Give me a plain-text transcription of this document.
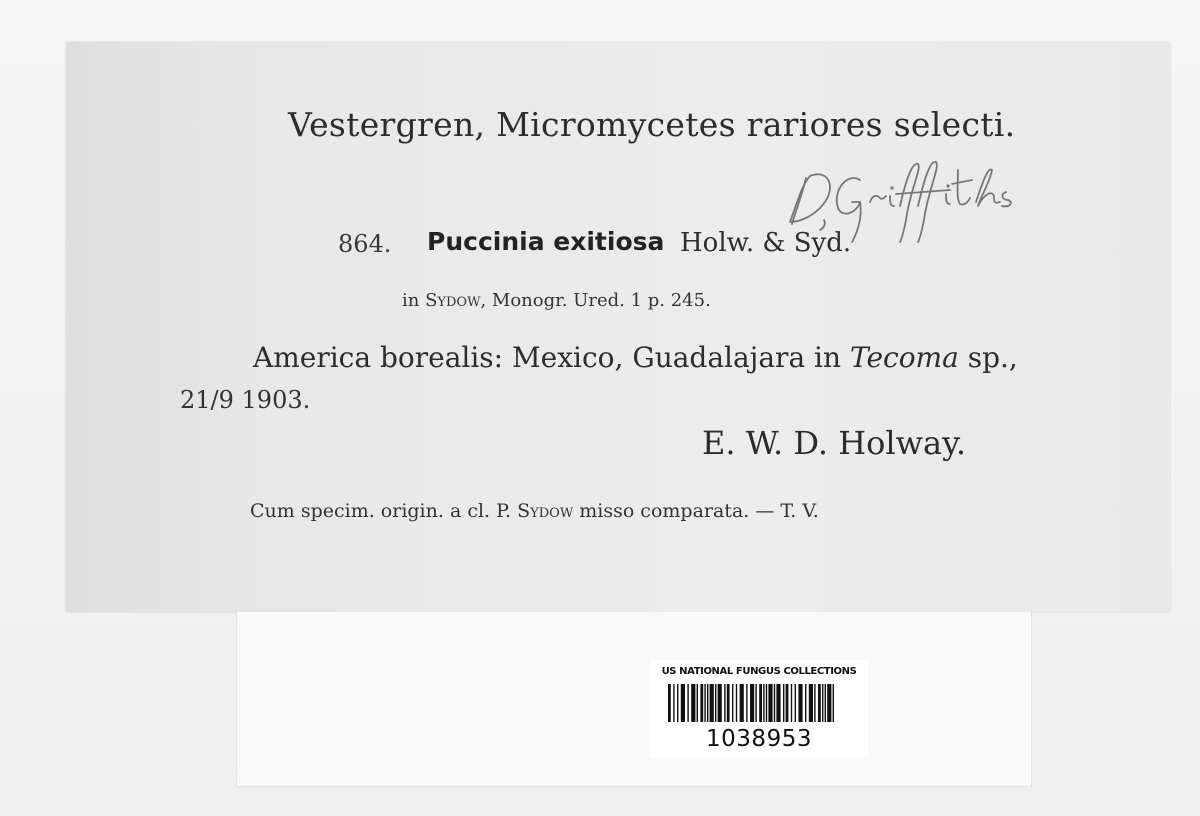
Vestergren, Micromycetes rariores selecti.
864. Puccinia exitiosa Holw. & Syd.
in Sydow, Monogr. Ured. 1 p. 245.
America borealis: Mexico, Guadalajara in Tecoma sp.,
21/9 1903.
E. W. D. Holway.
Cum specim. origin. a cl. P. Sydow misso comparata. — T. V.
US NATIONAL FUNGUS COLLECTIONS
1038953
